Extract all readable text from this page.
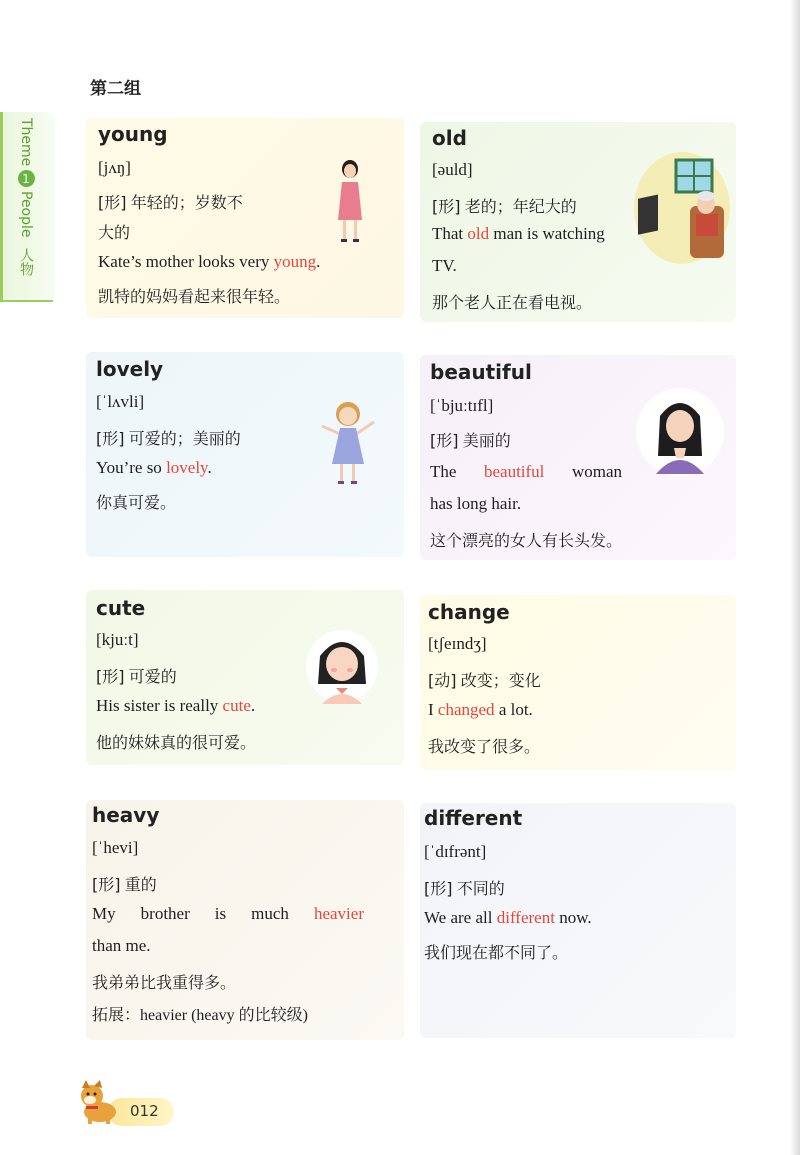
第二组
Theme
1
People
人物
young
[jʌŋ]
[形] 年轻的；岁数不
大的
Kate’s mother looks very young.
凯特的妈妈看起来很年轻。
old
[əuld]
[形] 老的；年纪大的
That old man is watching
TV.
那个老人正在看电视。
lovely
[ˈlʌvli]
[形] 可爱的；美丽的
You’re so lovely.
你真可爱。
beautiful
[ˈbjuːtɪfl]
[形] 美丽的
The beautiful woman
has long hair.
这个漂亮的女人有长头发。
cute
[kjuːt]
[形] 可爱的
His sister is really cute.
他的妹妹真的很可爱。
change
[tʃeɪndʒ]
[动] 改变；变化
I changed a lot.
我改变了很多。
heavy
[ˈhevi]
[形] 重的
My brother is much heavier
than me.
我弟弟比我重得多。
拓展：heavier (heavy 的比较级)
different
[ˈdɪfrənt]
[形] 不同的
We are all different now.
我们现在都不同了。
012
